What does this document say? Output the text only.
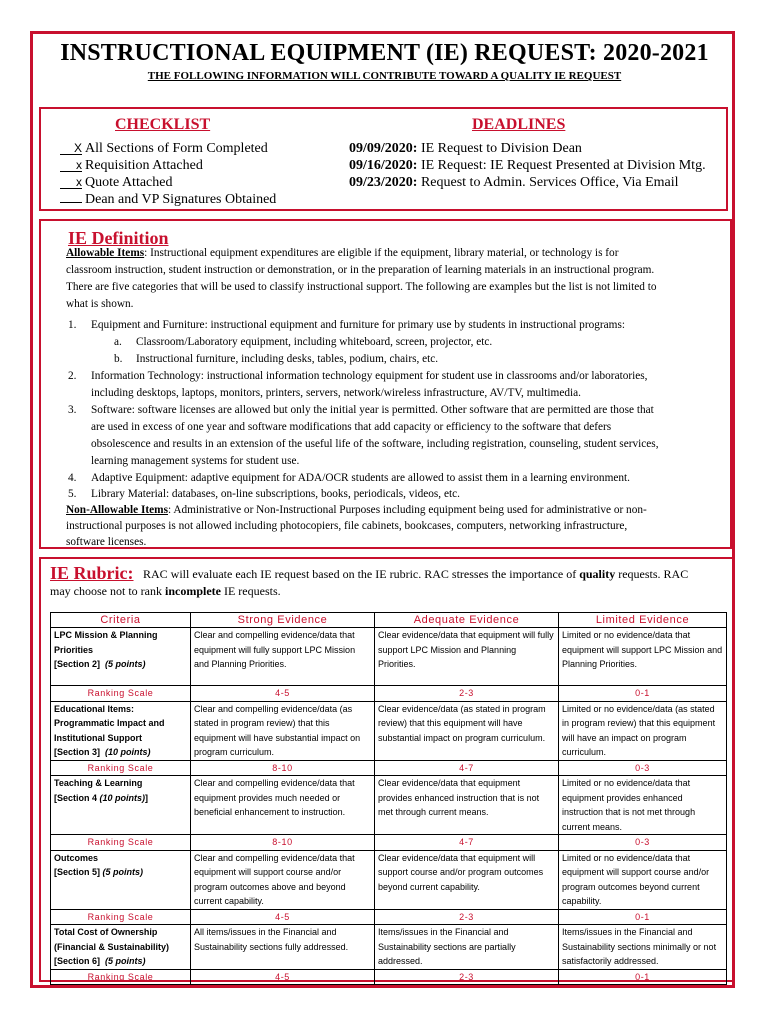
INSTRUCTIONAL EQUIPMENT (IE) REQUEST: 2020-2021
THE FOLLOWING INFORMATION WILL CONTRIBUTE TOWARD A QUALITY IE REQUEST
CHECKLIST	DEADLINES
X All Sections of Form Completed
x Requisition Attached
x Quote Attached
Dean and VP Signatures Obtained
09/09/2020: IE Request to Division Dean
09/16/2020: IE Request: IE Request Presented at Division Mtg.
09/23/2020: Request to Admin. Services Office, Via Email
IE Definition
Allowable Items: Instructional equipment expenditures are eligible if the equipment, library material, or technology is for
classroom instruction, student instruction or demonstration, or in the preparation of learning materials in an instructional program.
There are five categories that will be used to classify instructional support. The following are examples but the list is not limited to
what is shown.
1. Equipment and Furniture: instructional equipment and furniture for primary use by students in instructional programs:
a. Classroom/Laboratory equipment, including whiteboard, screen, projector, etc.
b. Instructional furniture, including desks, tables, podium, chairs, etc.
2. Information Technology: instructional information technology equipment for student use in classrooms and/or laboratories,
including desktops, laptops, monitors, printers, servers, network/wireless infrastructure, AV/TV, multimedia.
3. Software: software licenses are allowed but only the initial year is permitted. Other software that are permitted are those that
are used in excess of one year and software modifications that add capacity or efficiency to the software that defers
obsolescence and results in an extension of the useful life of the software, including registration, counseling, student services,
learning management systems for student use.
4. Adaptive Equipment: adaptive equipment for ADA/OCR students are allowed to assist them in a learning environment.
5. Library Material: databases, on-line subscriptions, books, periodicals, videos, etc.
Non-Allowable Items: Administrative or Non-Instructional Purposes including equipment being used for administrative or non-
instructional purposes is not allowed including photocopiers, file cabinets, bookcases, computers, networking infrastructure,
software licenses.
IE Rubric: RAC will evaluate each IE request based on the IE rubric. RAC stresses the importance of quality requests. RAC
may choose not to rank incomplete IE requests.
Criteria	Strong Evidence	Adequate Evidence	Limited Evidence

LPC Mission & Planning
Priorities
[Section 2] (5 points)	Clear and compelling evidence/data that equipment will fully support LPC Mission and Planning Priorities.	Clear evidence/data that equipment will fully support LPC Mission and Planning Priorities.	Limited or no evidence/data that equipment will support LPC Mission and Planning Priorities.
Ranking Scale	4-5	2-3	0-1

Educational Items:
Programmatic Impact and
Institutional Support
[Section 3] (10 points)	Clear and compelling evidence/data (as stated in program review) that this equipment will have substantial impact on program curriculum.	Clear evidence/data (as stated in program review) that this equipment will have substantial impact on program curriculum.	Limited or no evidence/data (as stated in program review) that this equipment will have an impact on program curriculum.
Ranking Scale	8-10	4-7	0-3

Teaching & Learning
[Section 4 (10 points)]	Clear and compelling evidence/data that equipment provides much needed or beneficial enhancement to instruction.	Clear evidence/data that equipment provides enhanced instruction that is not met through current means.	Limited or no evidence/data that equipment provides enhanced instruction that is not met through current means.
Ranking Scale	8-10	4-7	0-3

Outcomes
[Section 5] (5 points)	Clear and compelling evidence/data that equipment will support course and/or program outcomes above and beyond current capability.	Clear evidence/data that equipment will support course and/or program outcomes beyond current capability.	Limited or no evidence/data that equipment will support course and/or program outcomes beyond current capability.
Ranking Scale	4-5	2-3	0-1

Total Cost of Ownership
(Financial & Sustainability)
[Section 6] (5 points)	All items/issues in the Financial and Sustainability sections fully addressed.	Items/issues in the Financial and Sustainability sections are partially addressed.	Items/issues in the Financial and Sustainability sections minimally or not satisfactorily addressed.
Ranking Scale	4-5	2-3	0-1
